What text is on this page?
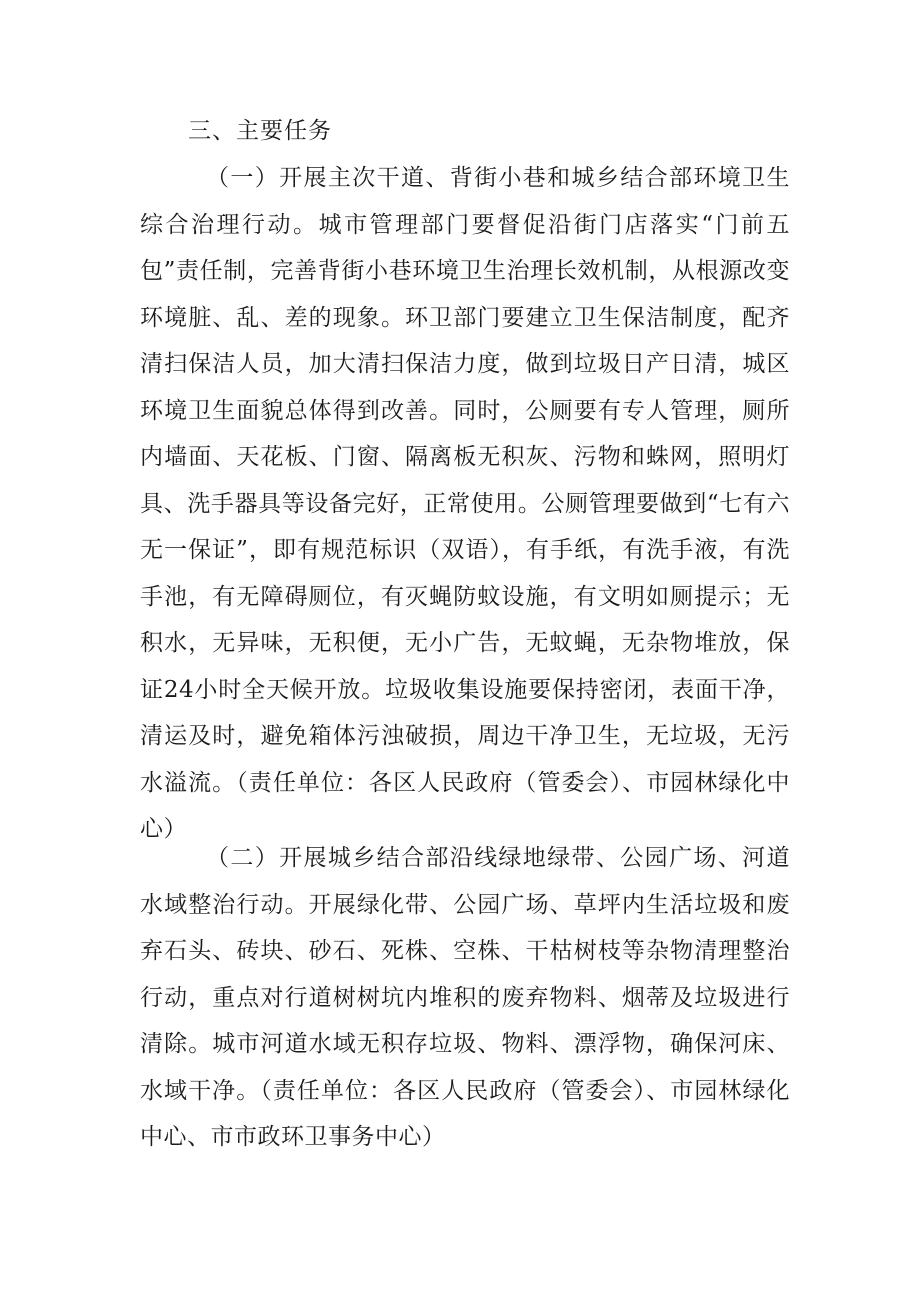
三、主要任务

（一）开展主次干道、背街小巷和城乡结合部环境卫生综合治理行动。城市管理部门要督促沿街门店落实“门前五包”责任制，完善背街小巷环境卫生治理长效机制，从根源改变环境脏、乱、差的现象。环卫部门要建立卫生保洁制度，配齐清扫保洁人员，加大清扫保洁力度，做到垃圾日产日清，城区环境卫生面貌总体得到改善。同时，公厕要有专人管理，厕所内墙面、天花板、门窗、隔离板无积灰、污物和蛛网，照明灯具、洗手器具等设备完好，正常使用。公厕管理要做到“七有六无一保证”，即有规范标识（双语），有手纸，有洗手液，有洗手池，有无障碍厕位，有灭蝇防蚊设施，有文明如厕提示；无积水，无异味，无积便，无小广告，无蚊蝇，无杂物堆放，保证24小时全天候开放。垃圾收集设施要保持密闭，表面干净，清运及时，避免箱体污浊破损，周边干净卫生，无垃圾，无污水溢流。（责任单位：各区人民政府（管委会）、市园林绿化中心）

（二）开展城乡结合部沿线绿地绿带、公园广场、河道水域整治行动。开展绿化带、公园广场、草坪内生活垃圾和废弃石头、砖块、砂石、死株、空株、干枯树枝等杂物清理整治行动，重点对行道树树坑内堆积的废弃物料、烟蒂及垃圾进行清除。城市河道水域无积存垃圾、物料、漂浮物，确保河床、水域干净。（责任单位：各区人民政府（管委会）、市园林绿化中心、市市政环卫事务中心）
